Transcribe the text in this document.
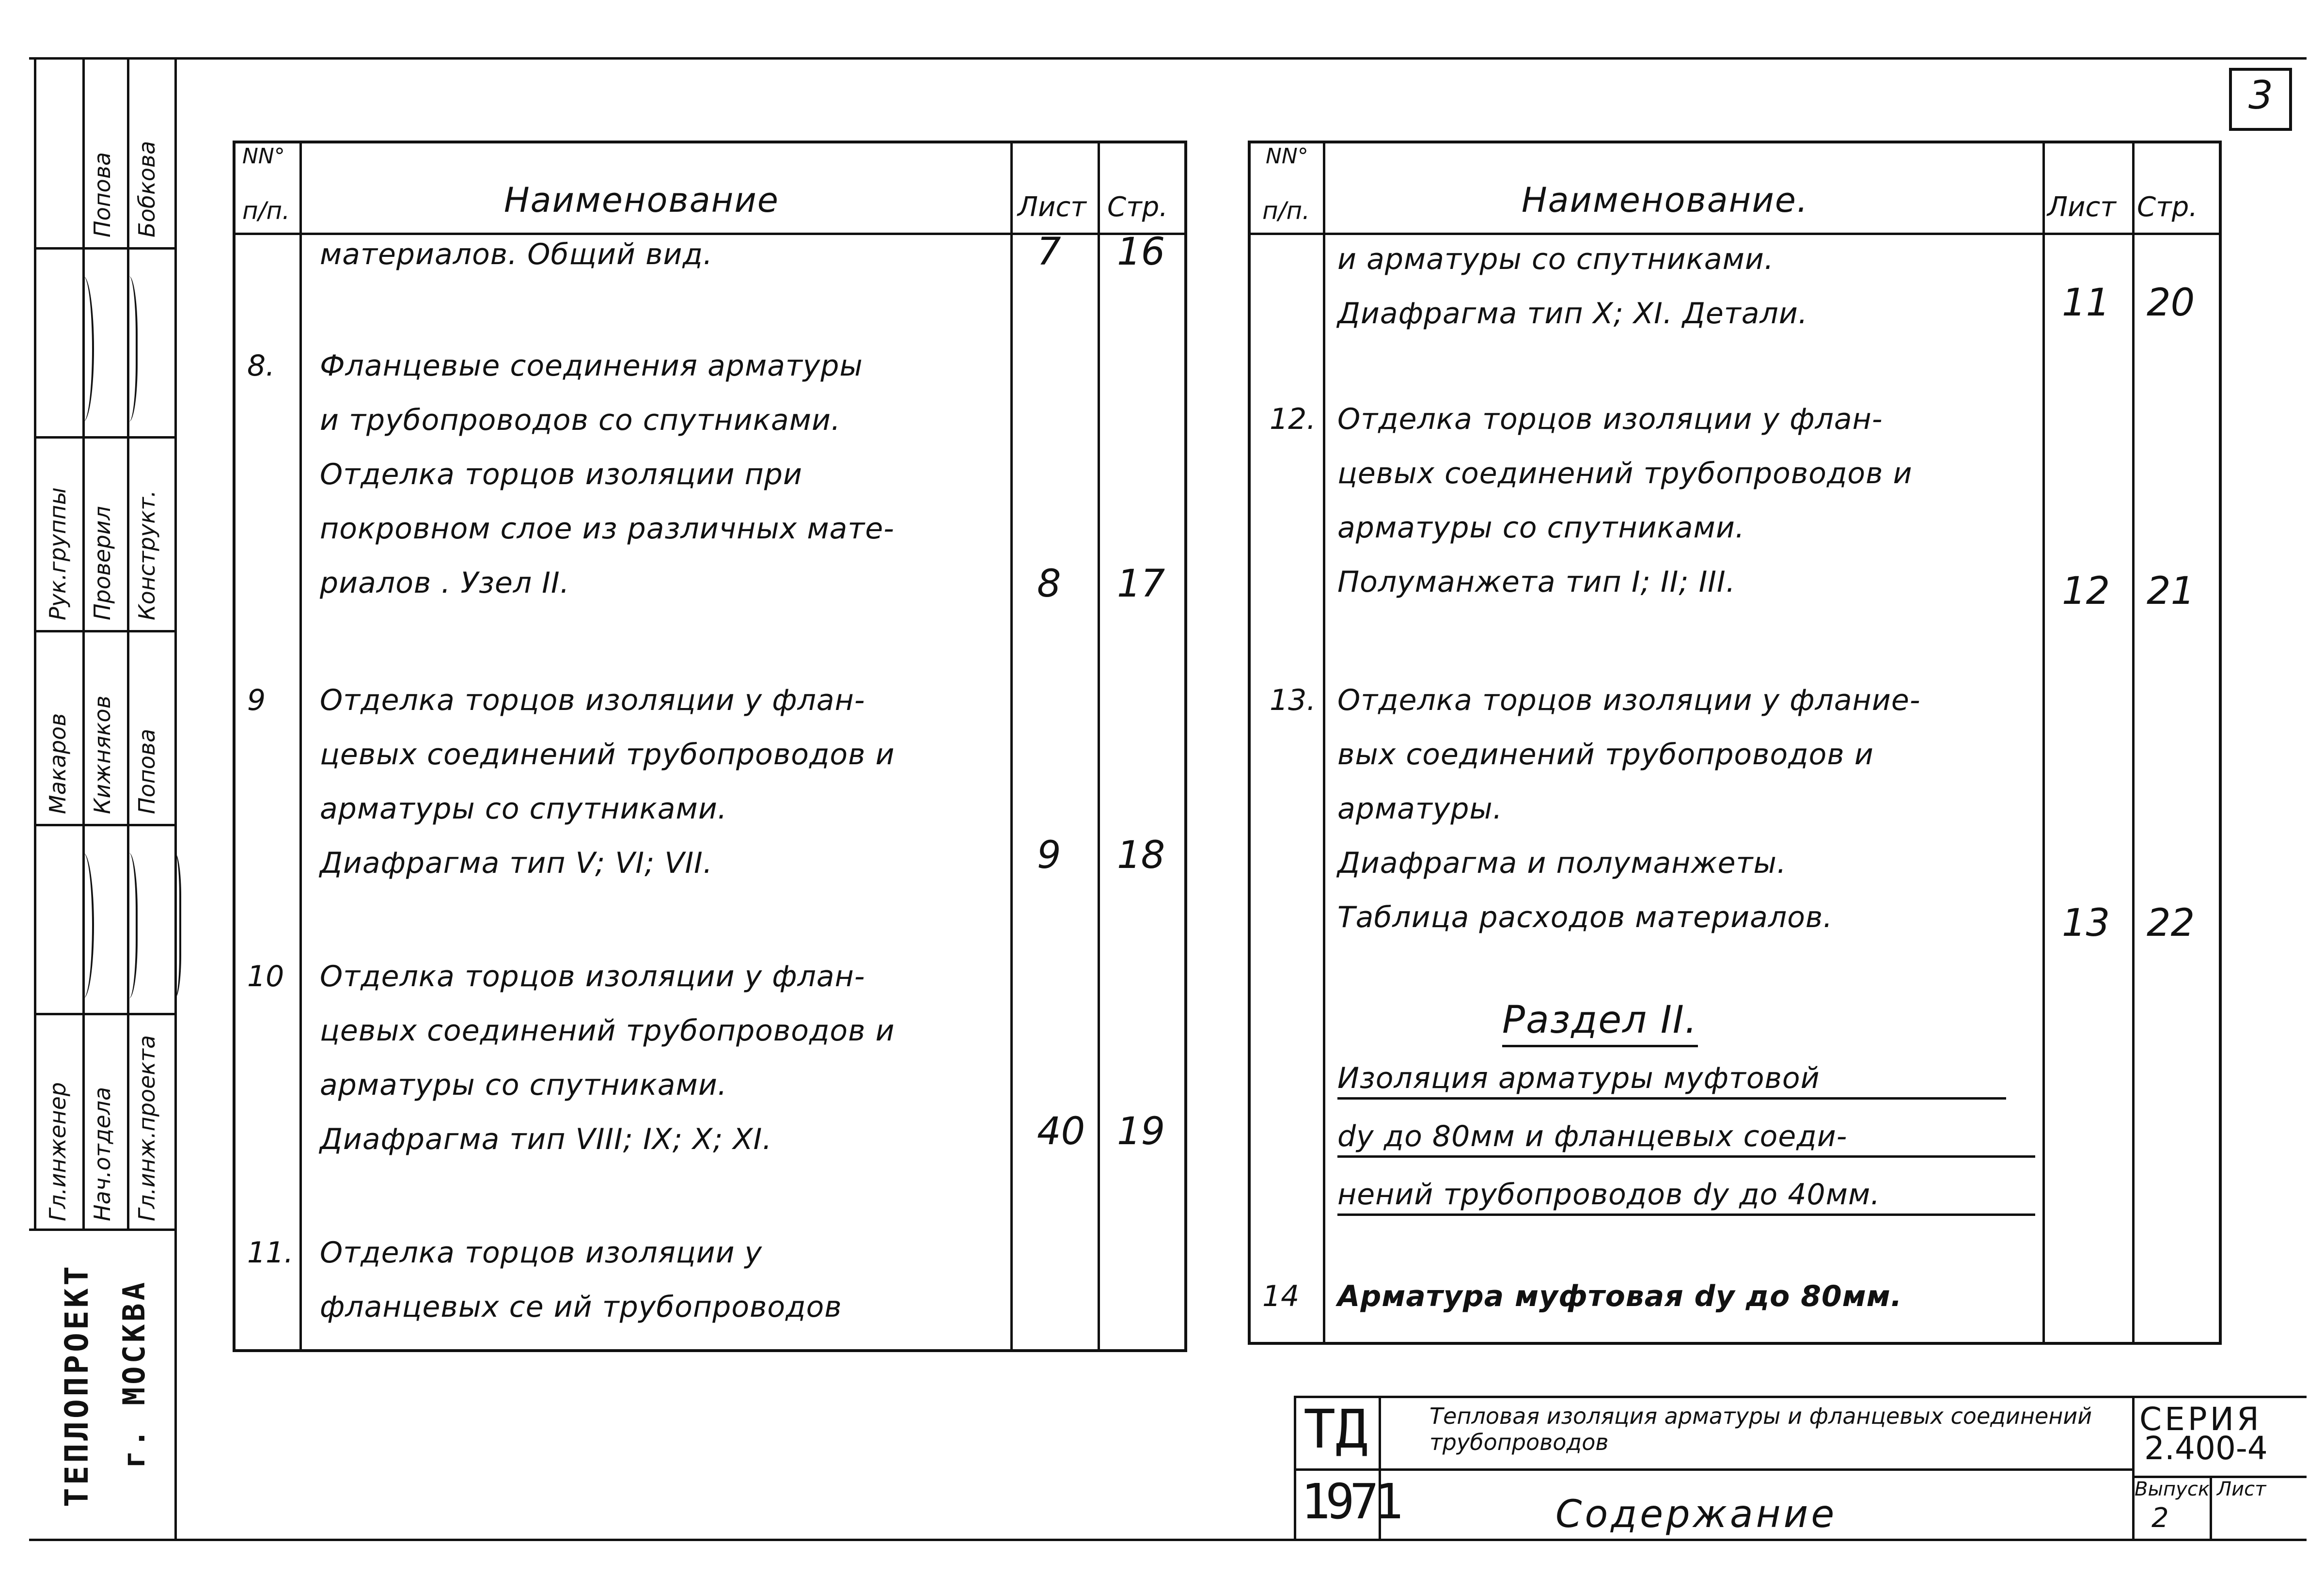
3
Гл.инженер Нач.отдела Гл.инж.проекта
Макаров Кижняков Попова
Рук.группы Проверил Конструкт.
Попова Бобкова
ТЕПЛОПРОЕКТ г. МОСКВА
NN°
п/п.	Наименование	Лист Стр.
материалов. Общий вид.	7 16
8. Фланцевые соединения арматуры
и трубопроводов со спутниками.
Отделка торцов изоляции при
покровном слое из различных мате-
риалов . Узел II.	8 17
9 Отделка торцов изоляции у флан-
цевых соединений трубопроводов и
арматуры со спутниками.
Диафрагма тип V; VI; VII.	9 18
10 Отделка торцов изоляции у флан-
цевых соединений трубопроводов и
арматуры со спутниками.
Диафрагма тип VIII; IX; X; XI.	40 19
11. Отделка торцов изоляции у
фланцевых се ий трубопроводов
NN°
п/п.	Наименование.	Лист Стр.
и арматуры со спутниками.
Диафрагма тип X; XI. Детали.	11 20
12. Отделка торцов изоляции у флан-
цевых соединений трубопроводов и
арматуры со спутниками.
Полуманжета тип I; II; III.	12 21
13. Отделка торцов изоляции у флание-
вых соединений трубопроводов и
арматуры.
Диафрагма и полуманжеты.
Таблица расходов материалов.	13 22
Раздел II.
Изоляция арматуры муфтовой
dy до 80мм и фланцевых соеди-
нений трубопроводов dy до 40мм.
14 Арматура муфтовая dy до 80мм.
ТД
1971
Тепловая изоляция арматуры и фланцевых соединений трубопроводов
Содержание
СЕРИЯ
2.400-4
Выпуск Лист
2
